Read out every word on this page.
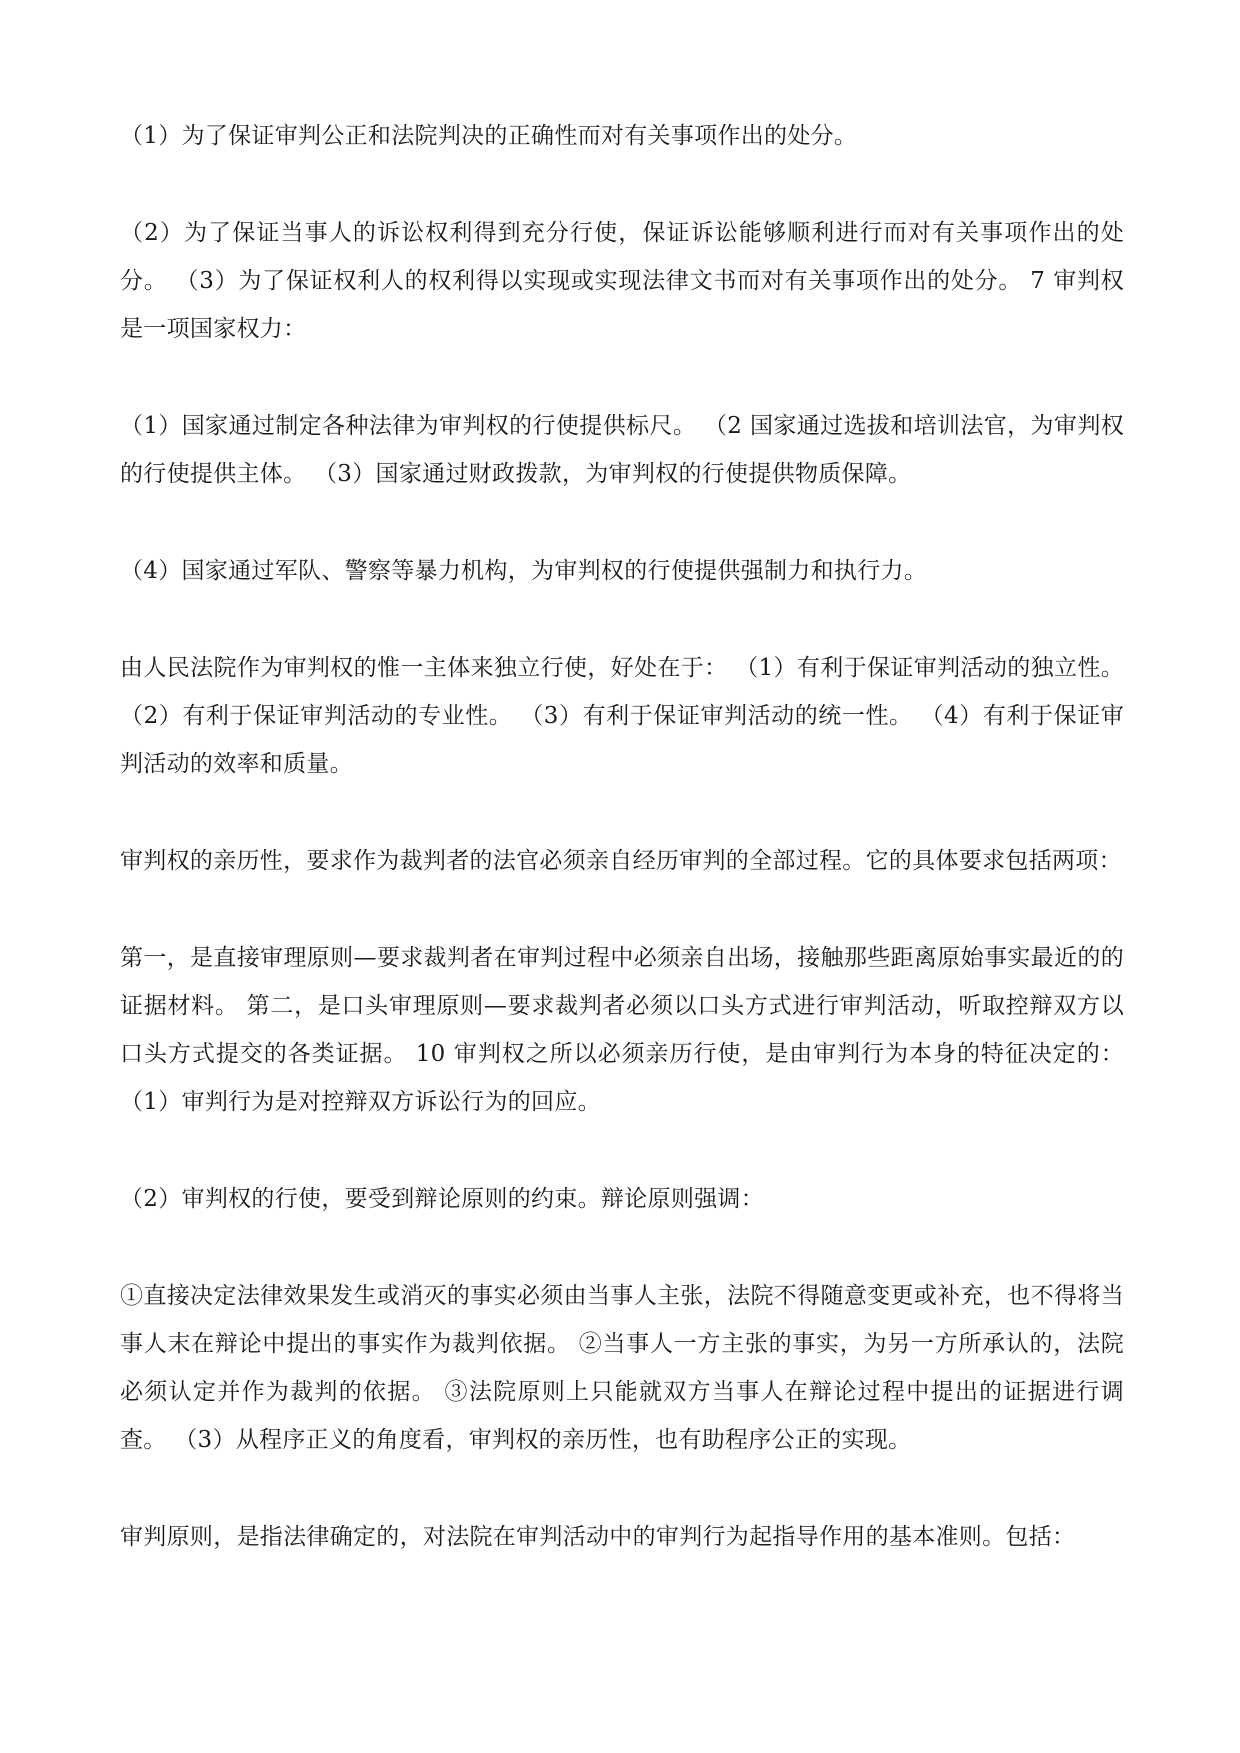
（1）为了保证审判公正和法院判决的正确性而对有关事项作出的处分。

（2）为了保证当事人的诉讼权利得到充分行使，保证诉讼能够顺利进行而对有关事项作出的处分。 （3）为了保证权利人的权利得以实现或实现法律文书而对有关事项作出的处分。 7 审判权是一项国家权力：

（1）国家通过制定各种法律为审判权的行使提供标尺。 （2 国家通过选拔和培训法官，为审判权的行使提供主体。 （3）国家通过财政拨款，为审判权的行使提供物质保障。

（4）国家通过军队、警察等暴力机构，为审判权的行使提供强制力和执行力。

由人民法院作为审判权的惟一主体来独立行使，好处在于： （1）有利于保证审判活动的独立性。 （2）有利于保证审判活动的专业性。 （3）有利于保证审判活动的统一性。 （4）有利于保证审判活动的效率和质量。

审判权的亲历性，要求作为裁判者的法官必须亲自经历审判的全部过程。它的具体要求包括两项：

第一，是直接审理原则—要求裁判者在审判过程中必须亲自出场，接触那些距离原始事实最近的的证据材料。 第二，是口头审理原则—要求裁判者必须以口头方式进行审判活动，听取控辩双方以口头方式提交的各类证据。 10 审判权之所以必须亲历行使，是由审判行为本身的特征决定的： （1）审判行为是对控辩双方诉讼行为的回应。

（2）审判权的行使，要受到辩论原则的约束。辩论原则强调：

①直接决定法律效果发生或消灭的事实必须由当事人主张，法院不得随意变更或补充，也不得将当事人末在辩论中提出的事实作为裁判依据。 ②当事人一方主张的事实，为另一方所承认的，法院必须认定并作为裁判的依据。 ③法院原则上只能就双方当事人在辩论过程中提出的证据进行调查。 （3）从程序正义的角度看，审判权的亲历性，也有助程序公正的实现。

审判原则，是指法律确定的，对法院在审判活动中的审判行为起指导作用的基本准则。包括：
